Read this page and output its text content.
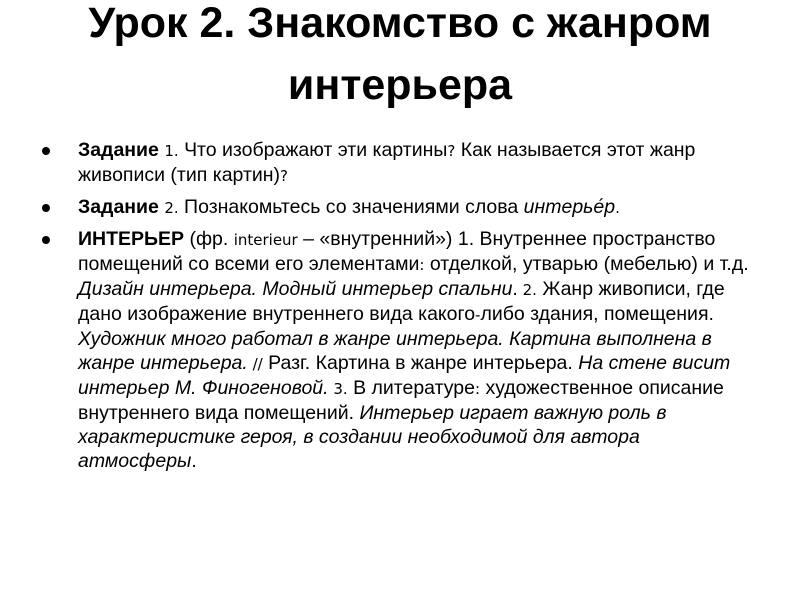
Урок 2. Знакомство с жанром
интерьера
Задание 1. Что изображают эти картины? Как называется этот жанр живописи (тип картин)?
Задание 2. Познакомьтесь со значениями слова интерье́р.
ИНТЕРЬЕР (фр. interieur – «внутренний») 1. Внутреннее пространство помещений со всеми его элементами: отделкой, утварью (мебелью) и т.д. Дизайн интерьера. Модный интерьер спальни. 2. Жанр живописи, где дано изображение внутреннего вида какого-либо здания, помещения. Художник много работал в жанре интерьера. Картина выполнена в жанре интерьера. // Разг. Картина в жанре интерьера. На стене висит интерьер М. Финогеновой. 3. В литературе: художественное описание внутреннего вида помещений. Интерьер играет важную роль в характеристике героя, в создании необходимой для автора атмосферы.
